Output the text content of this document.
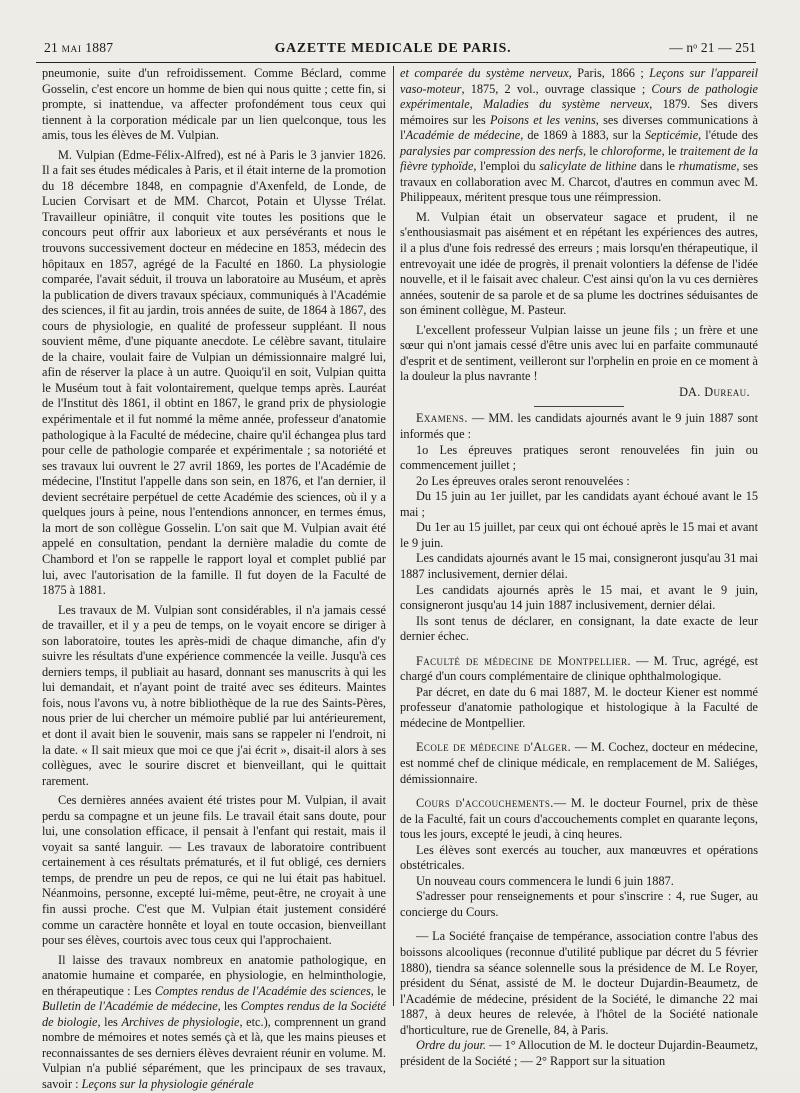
21 MAI 1887	GAZETTE MEDICALE DE PARIS.	— nᵒ 21 — 251

pneumonie, suite d'un refroidissement. Comme Béclard, comme Gosselin, c'est encore un homme de bien qui nous quitte ; cette fin, si prompte, si inattendue, va affecter profondément tous ceux qui tiennent à la corporation médicale par un lien quelconque, tous les amis, tous les élèves de M. Vulpian.

M. Vulpian (Edme-Félix-Alfred), est né à Paris le 3 janvier 1826. Il a fait ses études médicales à Paris, et il était interne de la promotion du 18 décembre 1848, en compagnie d'Axenfeld, de Londe, de Lucien Corvisart et de MM. Charcot, Potain et Ulysse Trélat. Travailleur opiniâtre, il conquit vite toutes les positions que le concours peut offrir aux laborieux et aux persévérants et nous le trouvons successivement docteur en médecine en 1853, médecin des hôpitaux en 1857, agrégé de la Faculté en 1860. La physiologie comparée, l'avait séduit, il trouva un laboratoire au Muséum, et après la publication de divers travaux spéciaux, communiqués à l'Académie des sciences, il fit au jardin, trois années de suite, de 1864 à 1867, des cours de physiologie, en qualité de professeur suppléant. Il nous souvient même, d'une piquante anecdote. Le célèbre savant, titulaire de la chaire, voulait faire de Vulpian un démissionnaire malgré lui, afin de réserver la place à un autre. Quoiqu'il en soit, Vulpian quitta le Muséum tout à fait volontairement, quelque temps après. Lauréat de l'Institut dès 1861, il obtint en 1867, le grand prix de physiologie expérimentale et il fut nommé la même année, professeur d'anatomie pathologique à la Faculté de médecine, chaire qu'il échangea plus tard pour celle de pathologie comparée et expérimentale ; sa notoriété et ses travaux lui ouvrent le 27 avril 1869, les portes de l'Académie de médecine, l'Institut l'appelle dans son sein, en 1876, et l'an dernier, il devient secrétaire perpétuel de cette Académie des sciences, où il y a quelques jours à peine, nous l'entendions annoncer, en termes émus, la mort de son collègue Gosselin. L'on sait que M. Vulpian avait été appelé en consultation, pendant la dernière maladie du comte de Chambord et l'on se rappelle le rapport loyal et complet publié par lui, avec l'autorisation de la famille. Il fut doyen de la Faculté de 1875 à 1881.

Les travaux de M. Vulpian sont considérables, il n'a jamais cessé de travailler, et il y a peu de temps, on le voyait encore se diriger à son laboratoire, toutes les après-midi de chaque dimanche, afin d'y suivre les résultats d'une expérience commencée la veille. Jusqu'à ces derniers temps, il publiait au hasard, donnant ses manuscrits à qui les lui demandait, et n'ayant point de traité avec ses éditeurs. Maintes fois, nous l'avons vu, à notre bibliothèque de la rue des Saints-Pères, nous prier de lui chercher un mémoire publié par lui antérieurement, et dont il avait bien le souvenir, mais sans se rappeler ni l'endroit, ni la date. « Il sait mieux que moi ce que j'ai écrit », disait-il alors à ses collègues, avec le sourire discret et bienveillant, qui le quittait rarement.

Ces dernières années avaient été tristes pour M. Vulpian, il avait perdu sa compagne et un jeune fils. Le travail était sans doute, pour lui, une consolation efficace, il pensait à l'enfant qui restait, mais il voyait sa santé languir. — Les travaux de laboratoire contribuent certainement à ces résultats prématurés, et il fut obligé, ces derniers temps, de prendre un peu de repos, ce qui ne lui était pas habituel. Néanmoins, personne, excepté lui-même, peut-être, ne croyait à une fin aussi proche. C'est que M. Vulpian était justement considéré comme un caractère honnête et loyal en toute occasion, bienveillant pour ses élèves, courtois avec tous ceux qui l'approchaient.

Il laisse des travaux nombreux en anatomie pathologique, en anatomie humaine et comparée, en physiologie, en helminthologie, en thérapeutique : Les Comptes rendus de l'Académie des sciences, le Bulletin de l'Académie de médecine, les Comptes rendus de la Société de biologie, les Archives de physiologie, etc.), comprennent un grand nombre de mémoires et notes semés çà et là, que les mains pieuses et reconnaissantes de ses derniers élèves devraient réunir en volume. M. Vulpian n'a publié séparément, que les principaux de ses travaux, savoir : Leçons sur la physiologie générale

et comparée du système nerveux, Paris, 1866 ; Leçons sur l'appareil vaso-moteur, 1875, 2 vol., ouvrage classique ; Cours de pathologie expérimentale, Maladies du système nerveux, 1879. Ses divers mémoires sur les Poisons et les venins, ses diverses communications à l'Académie de médecine, de 1869 à 1883, sur la Septicémie, l'étude des paralysies par compression des nerfs, le chloroforme, le traitement de la fièvre typhoïde, l'emploi du salicylate de lithine dans le rhumatisme, ses travaux en collaboration avec M. Charcot, d'autres en commun avec M. Philippeaux, méritent presque tous une réimpression.

M. Vulpian était un observateur sagace et prudent, il ne s'enthousiasmait pas aisément et en répétant les expériences des autres, il a plus d'une fois redressé des erreurs ; mais lorsqu'en thérapeutique, il entrevoyait une idée de progrès, il prenait volontiers la défense de l'idée nouvelle, et il le faisait avec chaleur. C'est ainsi qu'on la vu ces dernières années, soutenir de sa parole et de sa plume les doctrines séduisantes de son éminent collègue, M. Pasteur.

L'excellent professeur Vulpian laisse un jeune fils ; un frère et une sœur qui n'ont jamais cessé d'être unis avec lui en parfaite communauté d'esprit et de sentiment, veilleront sur l'orphelin en proie en ce moment à la douleur la plus navrante !

DA. Dureau.

Examens. — MM. les candidats ajournés avant le 9 juin 1887 sont informés que :

1o Les épreuves pratiques seront renouvelées fin juin ou commencement juillet ;

2o Les épreuves orales seront renouvelées :

Du 15 juin au 1er juillet, par les candidats ayant échoué avant le 15 mai ;

Du 1er au 15 juillet, par ceux qui ont échoué après le 15 mai et avant le 9 juin.

Les candidats ajournés avant le 15 mai, consigneront jusqu'au 31 mai 1887 inclusivement, dernier délai.

Les candidats ajournés après le 15 mai, et avant le 9 juin, consigneront jusqu'au 14 juin 1887 inclusivement, dernier délai.

Ils sont tenus de déclarer, en consignant, la date exacte de leur dernier échec.

Faculté de médecine de Montpellier. — M. Truc, agrégé, est chargé d'un cours complémentaire de clinique ophthalmologique.

Par décret, en date du 6 mai 1887, M. le docteur Kiener est nommé professeur d'anatomie pathologique et histologique à la Faculté de médecine de Montpellier.

Ecole de médecine d'Alger. — M. Cochez, docteur en médecine, est nommé chef de clinique médicale, en remplacement de M. Saliéges, démissionnaire.

Cours d'accouchements.— M. le docteur Fournel, prix de thèse de la Faculté, fait un cours d'accouchements complet en quarante leçons, tous les jours, excepté le jeudi, à cinq heures.

Les élèves sont exercés au toucher, aux manœuvres et opérations obstétricales.

Un nouveau cours commencera le lundi 6 juin 1887.

S'adresser pour renseignements et pour s'inscrire : 4, rue Suger, au concierge du Cours.

— La Société française de tempérance, association contre l'abus des boissons alcooliques (reconnue d'utilité publique par décret du 5 février 1880), tiendra sa séance solennelle sous la présidence de M. Le Royer, président du Sénat, assisté de M. le docteur Dujardin-Beaumetz, de l'Académie de médecine, président de la Société, le dimanche 22 mai 1887, à deux heures de relevée, à l'hôtel de la Société nationale d'horticulture, rue de Grenelle, 84, à Paris.

Ordre du jour. — 1° Allocution de M. le docteur Dujardin-Beaumetz, président de la Société ; — 2° Rapport sur la situation
